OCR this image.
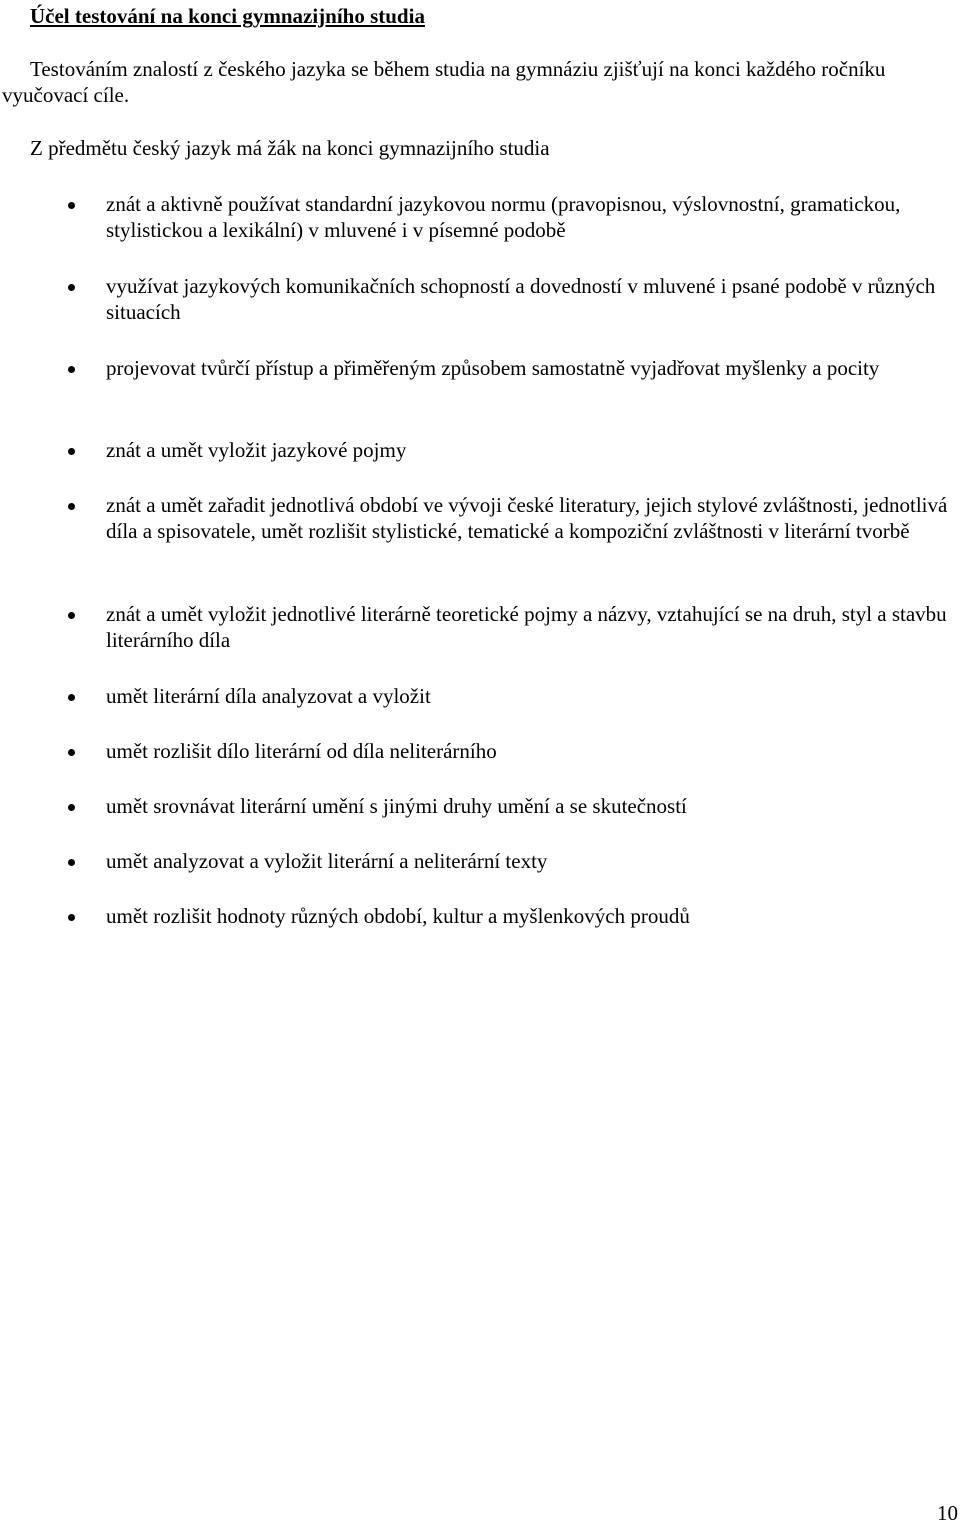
Účel testování na konci gymnazijního studia

Testováním znalostí z českého jazyka se během studia na gymnáziu zjišťují na konci každého ročníku vyučovací cíle.

Z předmětu český jazyk má žák na konci gymnazijního studia

znát a aktivně používat standardní jazykovou normu (pravopisnou, výslovnostní, gramatickou, stylistickou a lexikální) v mluvené i v písemné podobě
využívat jazykových komunikačních schopností a dovedností v mluvené i psané podobě v různých situacích
projevovat tvůrčí přístup a přiměřeným způsobem samostatně vyjadřovat myšlenky a pocity
znát a umět vyložit jazykové pojmy
znát a umět zařadit jednotlivá období ve vývoji české literatury, jejich stylové zvláštnosti, jednotlivá díla a spisovatele, umět rozlišit stylistické, tematické a kompoziční zvláštnosti v literární tvorbě
znát a umět vyložit jednotlivé literárně teoretické pojmy a názvy, vztahující se na druh, styl a stavbu literárního díla
umět literární díla analyzovat a vyložit
umět rozlišit dílo literární od díla neliterárního
umět srovnávat literární umění s jinými druhy umění a se skutečností
umět analyzovat a vyložit literární a neliterární texty
umět rozlišit hodnoty různých období, kultur a myšlenkových proudů

10
